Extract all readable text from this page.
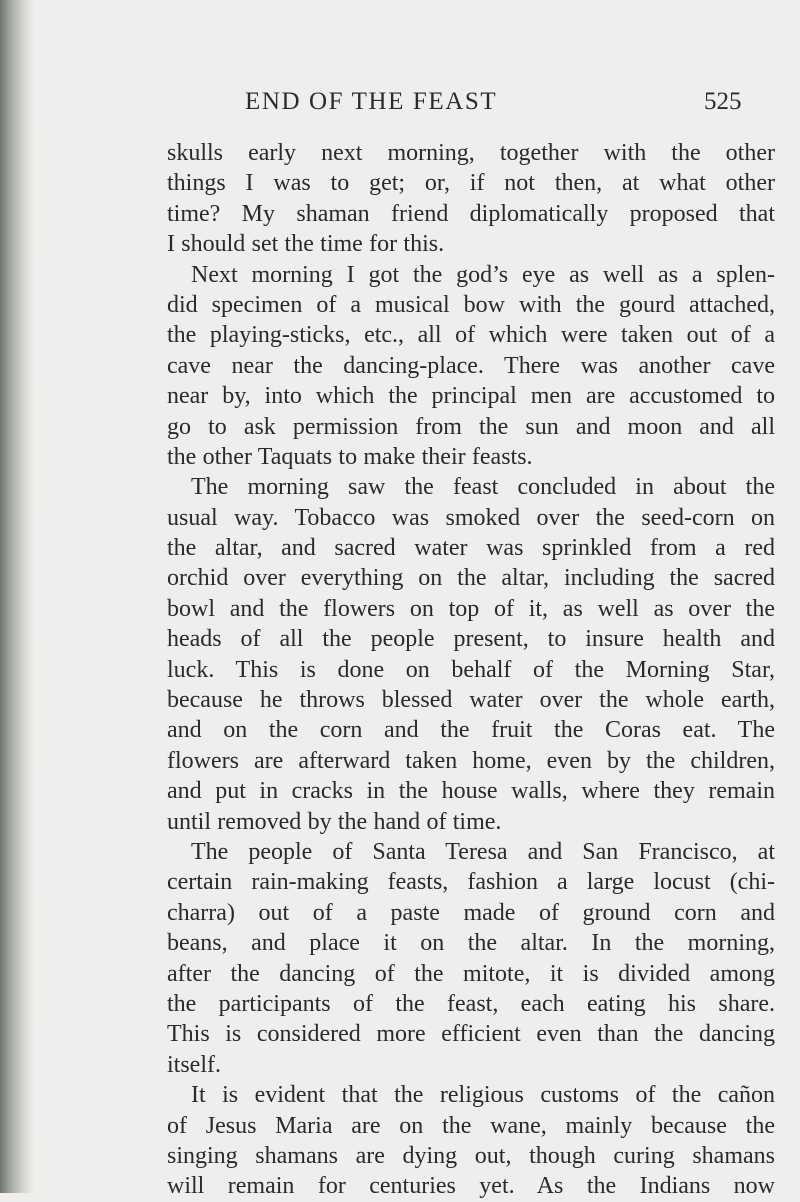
END OF THE FEAST	525
skulls early next morning, together with the other
things I was to get; or, if not then, at what other
time? My shaman friend diplomatically proposed that
I should set the time for this.
Next morning I got the god’s eye as well as a splen-
did specimen of a musical bow with the gourd attached,
the playing-sticks, etc., all of which were taken out of a
cave near the dancing-place. There was another cave
near by, into which the principal men are accustomed to
go to ask permission from the sun and moon and all
the other Taquats to make their feasts.
The morning saw the feast concluded in about the
usual way. Tobacco was smoked over the seed-corn on
the altar, and sacred water was sprinkled from a red
orchid over everything on the altar, including the sacred
bowl and the flowers on top of it, as well as over the
heads of all the people present, to insure health and
luck. This is done on behalf of the Morning Star,
because he throws blessed water over the whole earth,
and on the corn and the fruit the Coras eat. The
flowers are afterward taken home, even by the children,
and put in cracks in the house walls, where they remain
until removed by the hand of time.
The people of Santa Teresa and San Francisco, at
certain rain-making feasts, fashion a large locust (chi-
charra) out of a paste made of ground corn and
beans, and place it on the altar. In the morning,
after the dancing of the mitote, it is divided among
the participants of the feast, each eating his share.
This is considered more efficient even than the dancing
itself.
It is evident that the religious customs of the cañon
of Jesus Maria are on the wane, mainly because the
singing shamans are dying out, though curing shamans
will remain for centuries yet. As the Indians now
